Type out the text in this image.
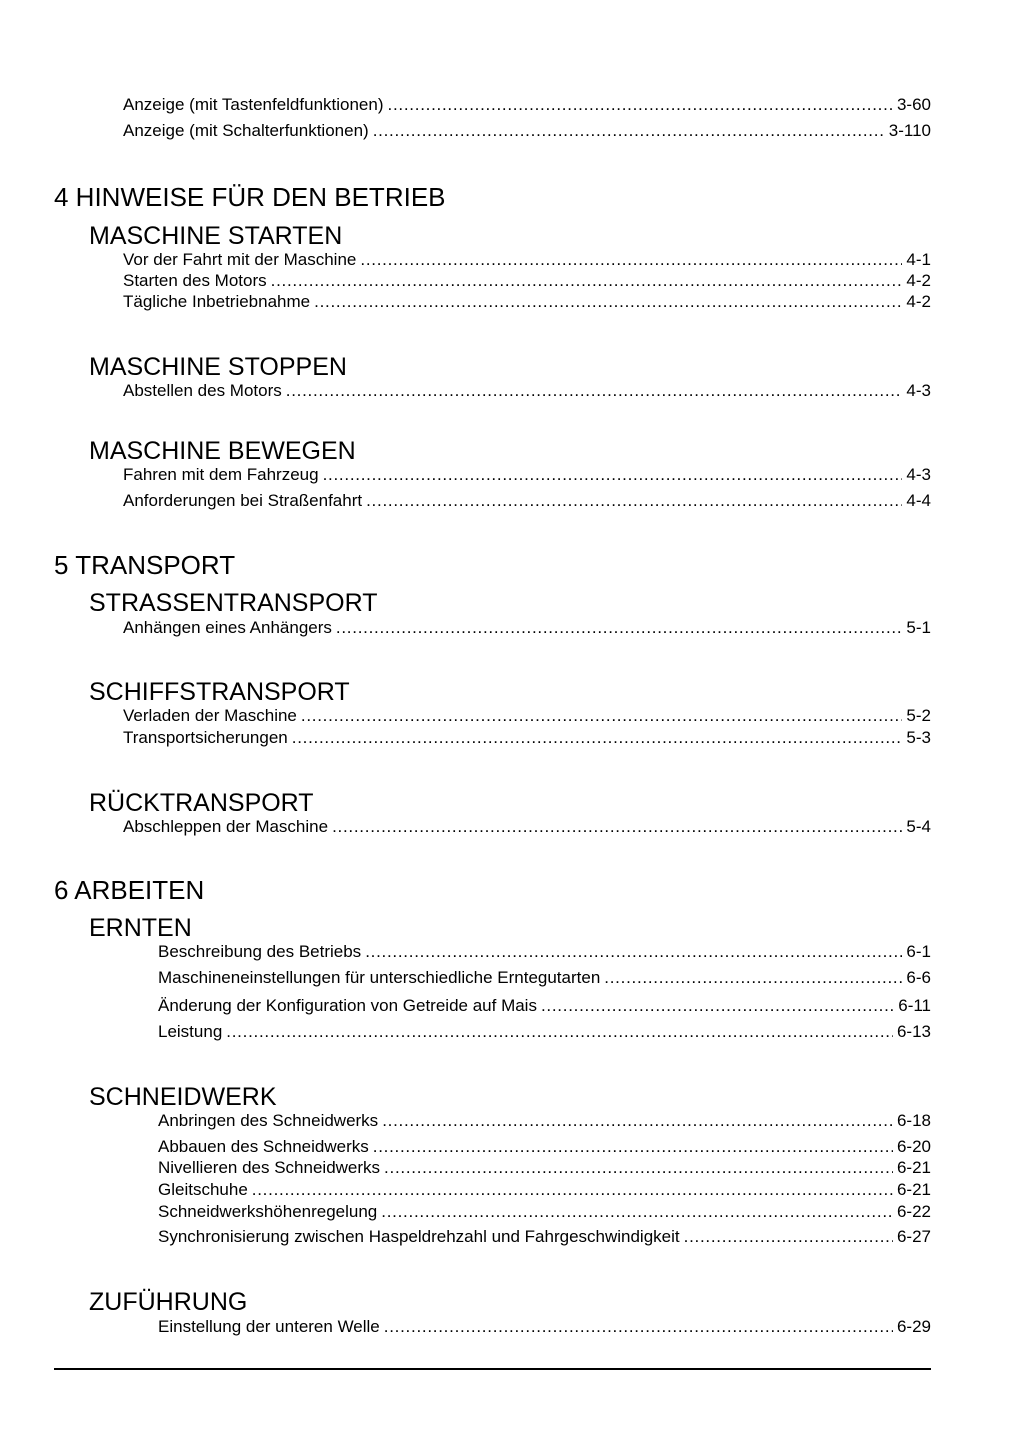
Anzeige (mit Tastenfeldfunktionen) . . .	3-60
Anzeige (mit Schalterfunktionen) . . .	3-110
4 HINWEISE FÜR DEN BETRIEB
MASCHINE STARTEN
Vor der Fahrt mit der Maschine . . .	4-1
Starten des Motors . . .	4-2
Tägliche Inbetriebnahme . . .	4-2
MASCHINE STOPPEN
Abstellen des Motors . . .	4-3
MASCHINE BEWEGEN
Fahren mit dem Fahrzeug . . .	4-3
Anforderungen bei Straßenfahrt . . .	4-4
5 TRANSPORT
STRASSENTRANSPORT
Anhängen eines Anhängers . . .	5-1
SCHIFFSTRANSPORT
Verladen der Maschine . . .	5-2
Transportsicherungen . . .	5-3
RÜCKTRANSPORT
Abschleppen der Maschine . . .	5-4
6 ARBEITEN
ERNTEN
Beschreibung des Betriebs . . .	6-1
Maschineneinstellungen für unterschiedliche Erntegutarten . . .	6-6
Änderung der Konfiguration von Getreide auf Mais . . .	6-11
Leistung . . .	6-13
SCHNEIDWERK
Anbringen des Schneidwerks . . .	6-18
Abbauen des Schneidwerks . . .	6-20
Nivellieren des Schneidwerks . . .	6-21
Gleitschuhe . . .	6-21
Schneidwerkshöhenregelung . . .	6-22
Synchronisierung zwischen Haspeldrehzahl und Fahrgeschwindigkeit . . .	6-27
ZUFÜHRUNG
Einstellung der unteren Welle . . .	6-29
